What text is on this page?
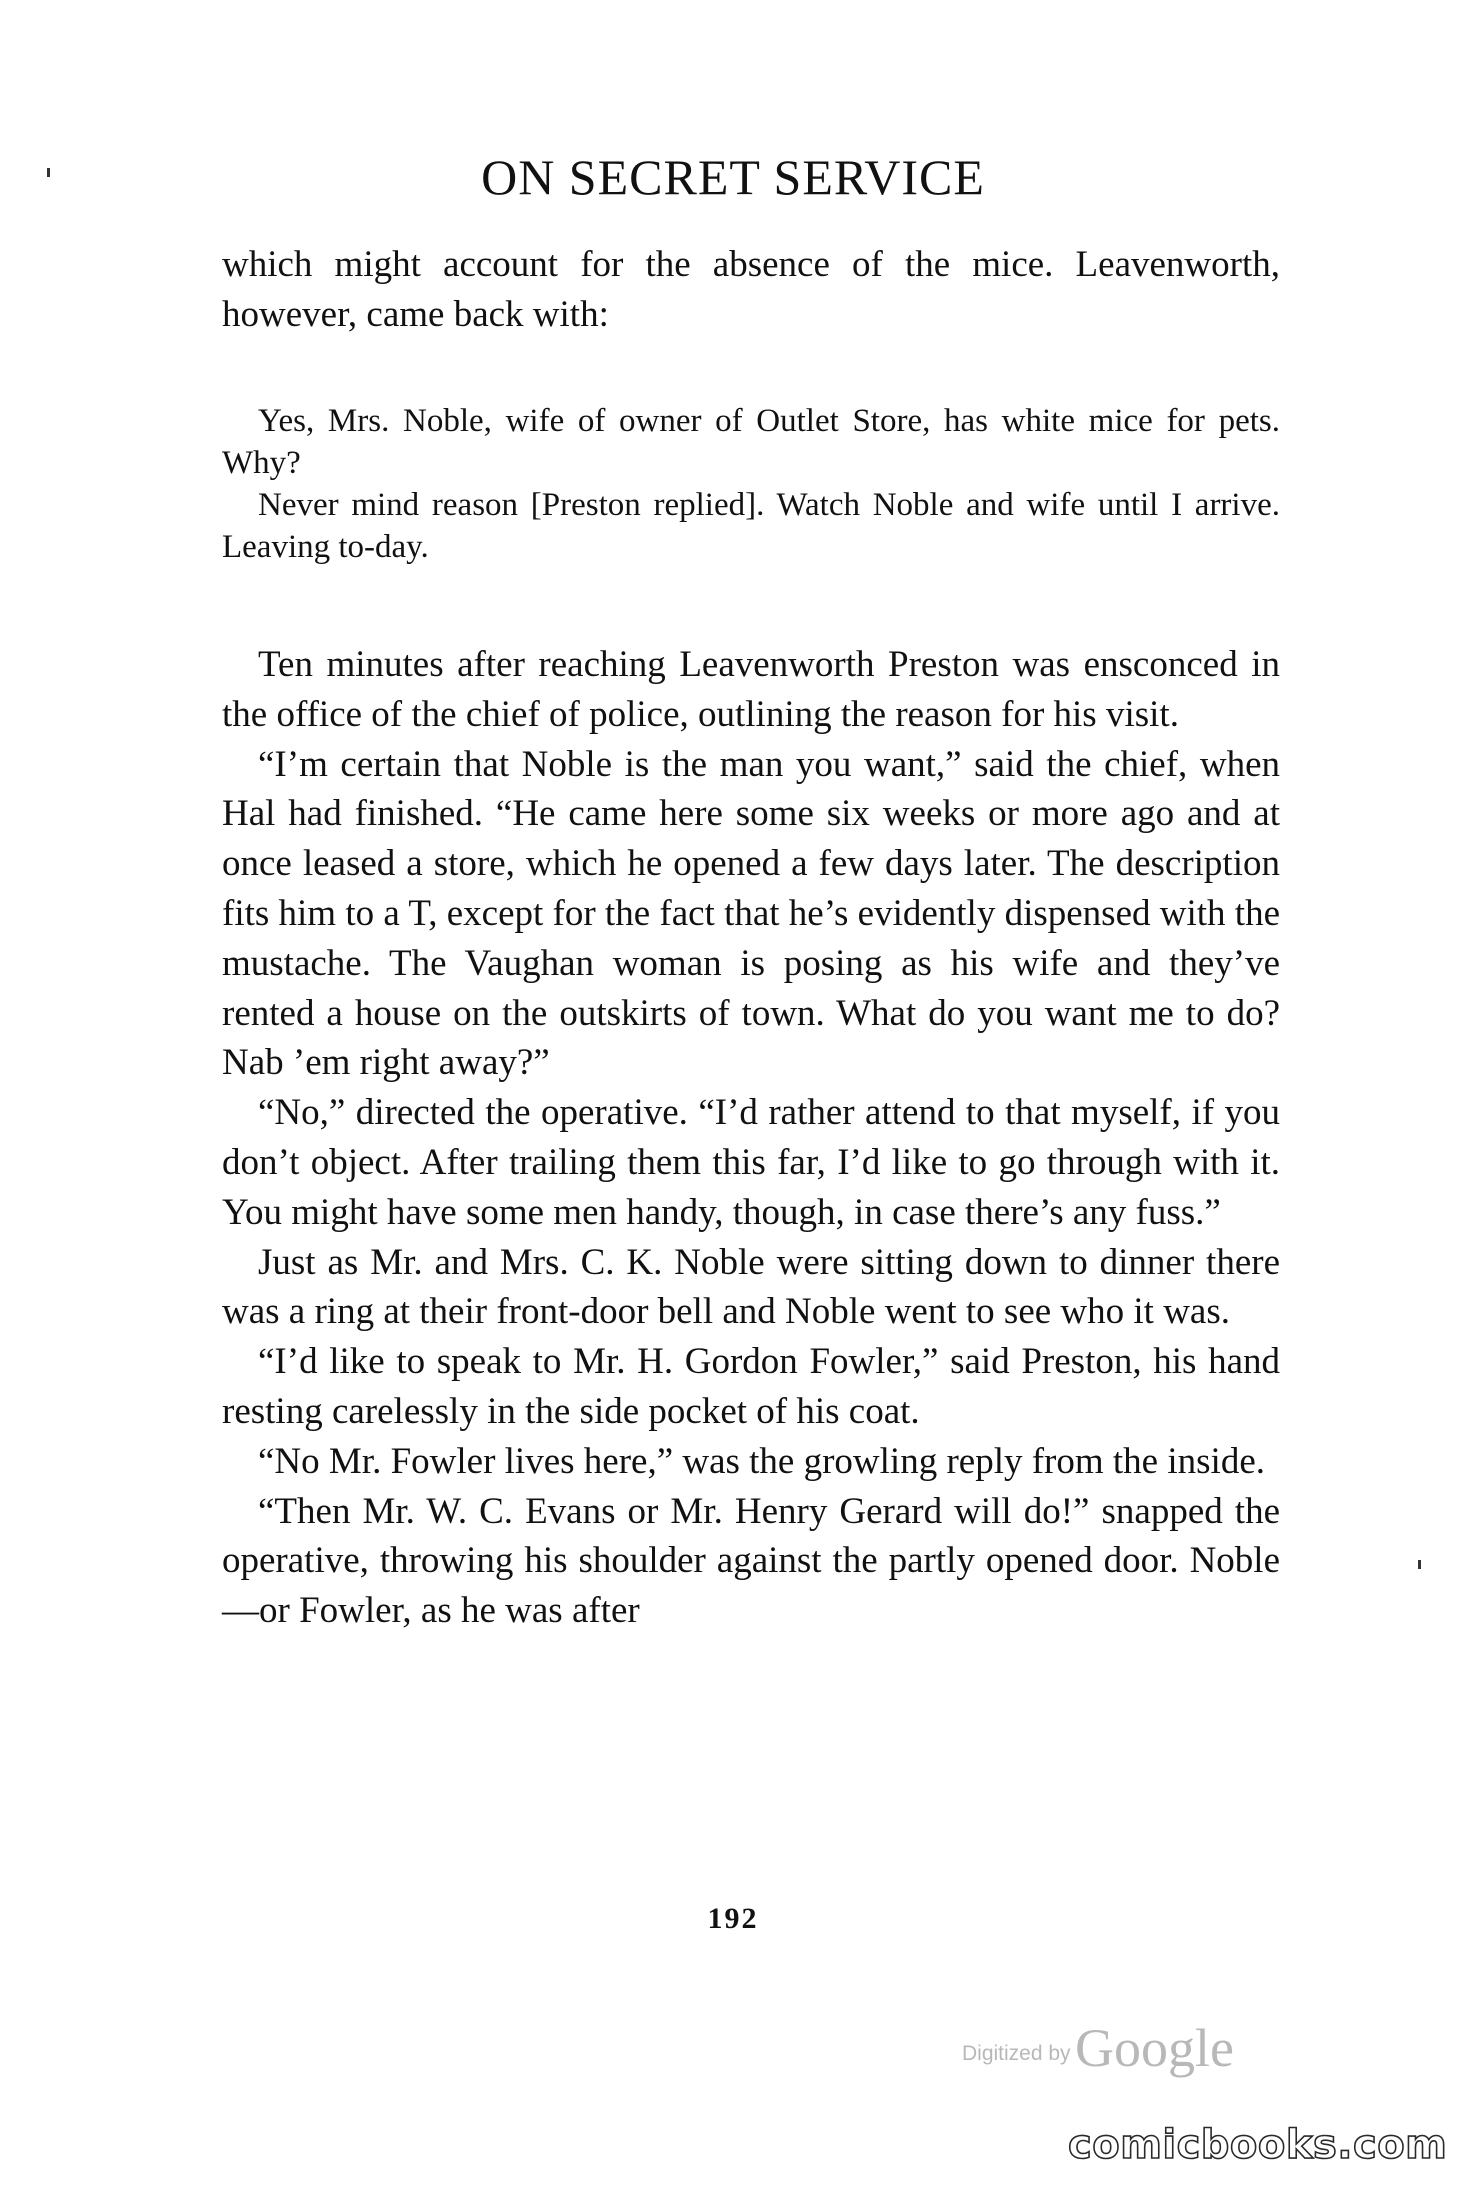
ON SECRET SERVICE

which might account for the absence of the mice. Leavenworth, however, came back with:

Yes, Mrs. Noble, wife of owner of Outlet Store, has white mice for pets. Why?

Never mind reason [Preston replied]. Watch Noble and wife until I arrive. Leaving to-day.

Ten minutes after reaching Leavenworth Preston was ensconced in the office of the chief of police, outlining the reason for his visit.

“I’m certain that Noble is the man you want,” said the chief, when Hal had finished. “He came here some six weeks or more ago and at once leased a store, which he opened a few days later. The description fits him to a T, except for the fact that he’s evidently dispensed with the mustache. The Vaughan woman is posing as his wife and they’ve rented a house on the outskirts of town. What do you want me to do? Nab ’em right away?”

“No,” directed the operative. “I’d rather attend to that myself, if you don’t object. After trailing them this far, I’d like to go through with it. You might have some men handy, though, in case there’s any fuss.”

Just as Mr. and Mrs. C. K. Noble were sitting down to dinner there was a ring at their front-door bell and Noble went to see who it was.

“I’d like to speak to Mr. H. Gordon Fowler,” said Preston, his hand resting carelessly in the side pocket of his coat.

“No Mr. Fowler lives here,” was the growling reply from the inside.

“Then Mr. W. C. Evans or Mr. Henry Gerard will do!” snapped the operative, throwing his shoulder against the partly opened door. Noble—or Fowler, as he was after

192
Digitized by Google
comicbooks.com
